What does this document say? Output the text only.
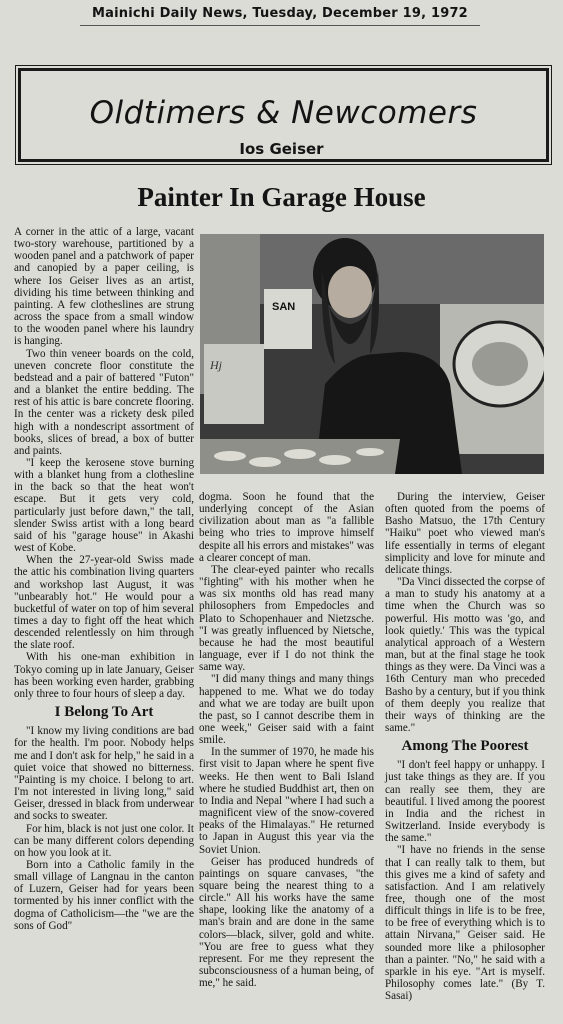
Mainichi Daily News, Tuesday, December 19, 1972
Oldtimers & Newcomers
Ios Geiser
Painter In Garage House
Hj
SAN

A corner in the attic of a large, vacant two-story warehouse, partitioned by a wooden panel and a patchwork of paper and canopied by a paper ceiling, is where Ios Geiser lives as an artist, dividing his time between thinking and painting. A few clotheslines are strung across the space from a small window to the wooden panel where his laundry is hanging.

Two thin veneer boards on the cold, uneven concrete floor constitute the bedstead and a pair of battered "Futon" and a blanket the entire bedding. The rest of his attic is bare concrete flooring. In the center was a rickety desk piled high with a nondescript assortment of books, slices of bread, a box of butter and paints.

"I keep the kerosene stove burning with a blanket hung from a clothesline in the back so that the heat won't escape. But it gets very cold, particularly just before dawn," the tall, slender Swiss artist with a long beard said of his "garage house" in Akashi west of Kobe.

When the 27-year-old Swiss made the attic his combination living quarters and workshop last August, it was "unbearably hot." He would pour a bucketful of water on top of him several times a day to fight off the heat which descended relentlessly on him through the slate roof.

With his one-man exhibition in Tokyo coming up in late January, Geiser has been working even harder, grabbing only three to four hours of sleep a day.

I Belong To Art

"I know my living conditions are bad for the health. I'm poor. Nobody helps me and I don't ask for help," he said in a quiet voice that showed no bitterness. "Painting is my choice. I belong to art. I'm not interested in living long," said Geiser, dressed in black from underwear and socks to sweater.

For him, black is not just one color. It can be many different colors depending on how you look at it.

Born into a Catholic family in the small village of Langnau in the canton of Luzern, Geiser had for years been tormented by his inner conflict with the dogma of Catholicism—the "we are the sons of God"

dogma. Soon he found that the underlying concept of the Asian civilization about man as "a fallible being who tries to improve himself despite all his errors and mistakes" was a clearer concept of man.

The clear-eyed painter who recalls "fighting" with his mother when he was six months old has read many philosophers from Empedocles and Plato to Schopenhauer and Nietzsche. "I was greatly influenced by Nietsche, because he had the most beautiful language, ever if I do not think the same way.

"I did many things and many things happened to me. What we do today and what we are today are built upon the past, so I cannot describe them in one week," Geiser said with a faint smile.

In the summer of 1970, he made his first visit to Japan where he spent five weeks. He then went to Bali Island where he studied Buddhist art, then on to India and Nepal "where I had such a magnificent view of the snow-covered peaks of the Himalayas." He returned to Japan in August this year via the Soviet Union.

Geiser has produced hundreds of paintings on square canvases, "the square being the nearest thing to a circle." All his works have the same shape, looking like the anatomy of a man's brain and are done in the same colors—black, silver, gold and white. "You are free to guess what they represent. For me they represent the subconsciousness of a human being, of me," he said.

During the interview, Geiser often quoted from the poems of Basho Matsuo, the 17th Century "Haiku" poet who viewed man's life essentially in terms of elegant simplicity and love for minute and delicate things.

"Da Vinci dissected the corpse of a man to study his anatomy at a time when the Church was so powerful. His motto was 'go, and look quietly.' This was the typical analytical approach of a Western man, but at the final stage he took things as they were. Da Vinci was a 16th Century man who preceded Basho by a century, but if you think of them deeply you realize that their ways of thinking are the same."

Among The Poorest

"I don't feel happy or unhappy. I just take things as they are. If you can really see them, they are beautiful. I lived among the poorest in India and the richest in Switzerland. Inside everybody is the same."

"I have no friends in the sense that I can really talk to them, but this gives me a kind of safety and satisfaction. And I am relatively free, though one of the most difficult things in life is to be free, to be free of everything which is to attain Nirvana," Geiser said. He sounded more like a philosopher than a painter. "No," he said with a sparkle in his eye. "Art is myself. Philosophy comes late." (By T. Sasai)
